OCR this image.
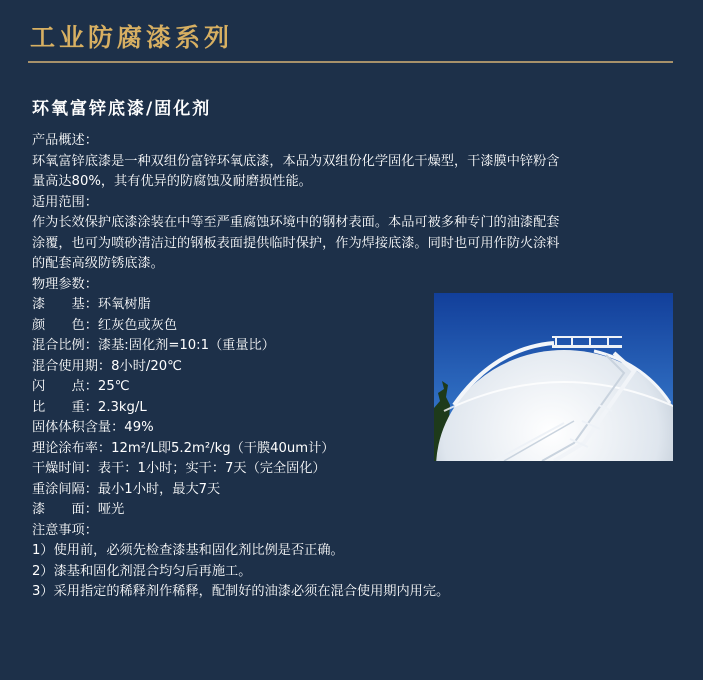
工业防腐漆系列
环氧富锌底漆/固化剂
产品概述：
环氧富锌底漆是一种双组份富锌环氧底漆，本品为双组份化学固化干燥型，干漆膜中锌粉含
量高达80%，其有优异的防腐蚀及耐磨损性能。
适用范围：
作为长效保护底漆涂装在中等至严重腐蚀环境中的钢材表面。本品可被多种专门的油漆配套
涂覆，也可为喷砂清洁过的钢板表面提供临时保护，作为焊接底漆。同时也可用作防火涂料
的配套高级防锈底漆。
物理参数：
漆　　基：环氧树脂
颜　　色：红灰色或灰色
混合比例：漆基:固化剂=10:1（重量比）
混合使用期：8小时/20℃
闪　　点：25℃
比　　重：2.3kg/L
固体体积含量：49%
理论涂布率：12m²/L即5.2m²/kg（干膜40um计）
干燥时间：表干：1小时；实干：7天（完全固化）
重涂间隔：最小1小时，最大7天
漆　　面：哑光
注意事项：
1）使用前，必须先检查漆基和固化剂比例是否正确。
2）漆基和固化剂混合均匀后再施工。
3）采用指定的稀释剂作稀释，配制好的油漆必须在混合使用期内用完。
